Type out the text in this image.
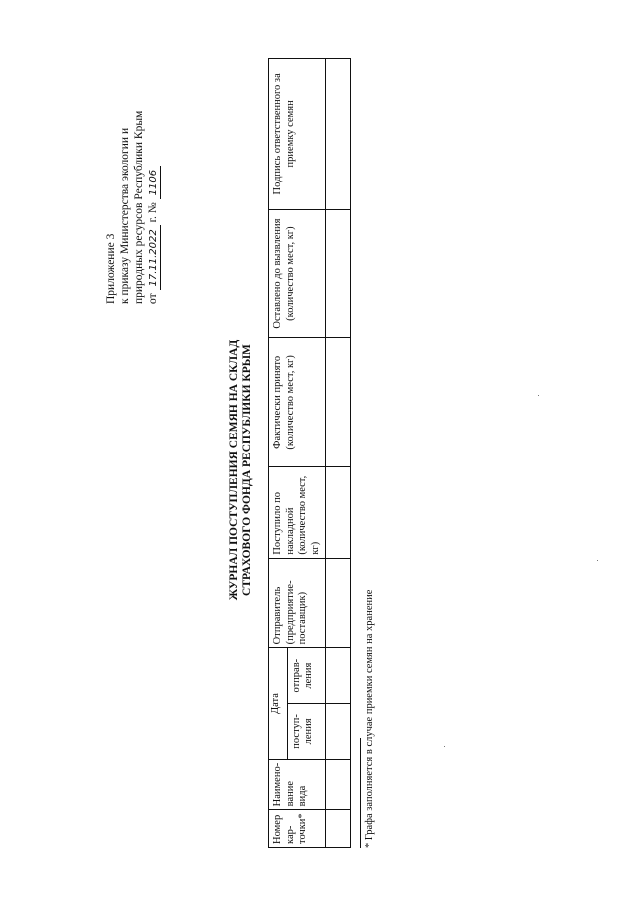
Приложение 3 к приказу Министерства экологии и природных ресурсов Республики Крым от 17.11.2022 г. № 1106
ЖУРНАЛ ПОСТУПЛЕНИЯ СЕМЯН НА СКЛАД СТРАХОВОГО ФОНДА РЕСПУБЛИКИ КРЫМ
Номер кар-точки*	Наимено-вание вида	Дата		Отправитель (предприятие-поставщик)	Поступило по накладной (количество мест, кг)	Фактически принято (количество мест, кг)	Оставлено до вызвления (количество мест, кг)	Подпись ответственного за приемку семян
		поступ-ления	отправ-ления					
									* Графа заполняется в случае приемки семян на хранение
